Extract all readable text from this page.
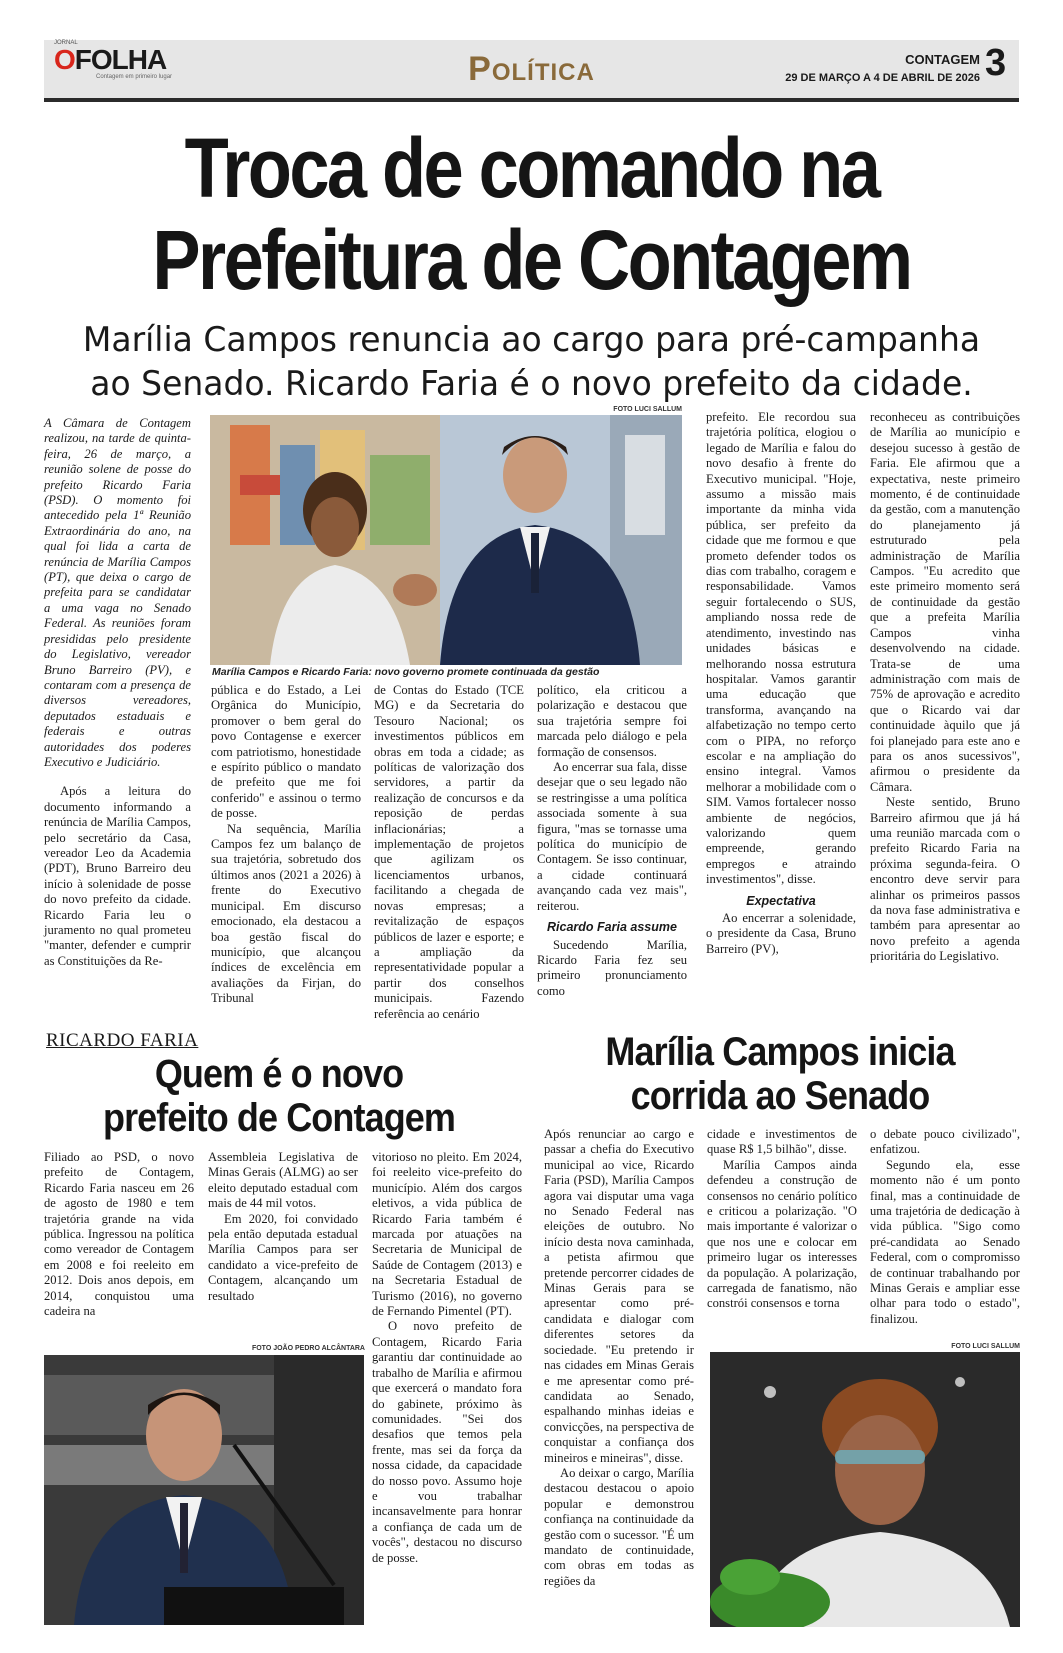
JORNAL
OFOLHA
Contagem em primeiro lugar	Política	CONTAGEM 3
29 DE MARÇO A 4 DE ABRIL DE 2026
Troca de comando na
Prefeitura de Contagem
Marília Campos renuncia ao cargo para pré-campanha
ao Senado. Ricardo Faria é o novo prefeito da cidade.
FOTO LUCI SALLUM
Marília Campos e Ricardo Faria: novo governo promete continuada da gestão

A Câmara de Contagem realizou, na tarde de quinta-feira, 26 de março, a reunião solene de posse do prefeito Ricardo Faria (PSD). O momento foi antecedido pela 1ª Reunião Extraordinária do ano, na qual foi lida a carta de renúncia de Marília Campos (PT), que deixa o cargo de prefeita para se candidatar a uma vaga no Senado Federal. As reuniões foram presididas pelo presidente do Legislativo, vereador Bruno Barreiro (PV), e contaram com a presença de diversos vereadores, deputados estaduais e federais e outras autoridades dos poderes Executivo e Judiciário.

Após a leitura do documento informando a renúncia de Marília Campos, pelo secretário da Casa, vereador Leo da Academia (PDT), Bruno Barreiro deu início à solenidade de posse do novo prefeito da cidade. Ricardo Faria leu o juramento no qual prometeu "manter, defender e cumprir as Constituições da Re-

pública e do Estado, a Lei Orgânica do Município, promover o bem geral do povo Contagense e exercer com patriotismo, honestidade e espírito público o mandato de prefeito que me foi conferido" e assinou o termo de posse.

Na sequência, Marília Campos fez um balanço de sua trajetória, sobretudo dos últimos anos (2021 a 2026) à frente do Executivo municipal. Em discurso emocionado, ela destacou a boa gestão fiscal do município, que alcançou índices de excelência em avaliações da Firjan, do Tribunal

de Contas do Estado (TCE MG) e da Secretaria do Tesouro Nacional; os investimentos públicos em obras em toda a cidade; as políticas de valorização dos servidores, a partir da realização de concursos e da reposição de perdas inflacionárias; a implementação de projetos que agilizam os licenciamentos urbanos, facilitando a chegada de novas empresas; a revitalização de espaços públicos de lazer e esporte; e a ampliação da representatividade popular a partir dos conselhos municipais. Fazendo referência ao cenário

político, ela criticou a polarização e destacou que sua trajetória sempre foi marcada pelo diálogo e pela formação de consensos.

Ao encerrar sua fala, disse desejar que o seu legado não se restringisse a uma política associada somente à sua figura, "mas se tornasse uma política do município de Contagem. Se isso continuar, a cidade continuará avançando cada vez mais", reiterou.

Ricardo Faria assume

Sucedendo Marília, Ricardo Faria fez seu primeiro pronunciamento como

prefeito. Ele recordou sua trajetória política, elogiou o legado de Marília e falou do novo desafio à frente do Executivo municipal. "Hoje, assumo a missão mais importante da minha vida pública, ser prefeito da cidade que me formou e que prometo defender todos os dias com trabalho, coragem e responsabilidade. Vamos seguir fortalecendo o SUS, ampliando nossa rede de atendimento, investindo nas unidades básicas e melhorando nossa estrutura hospitalar. Vamos garantir uma educação que transforma, avançando na alfabetização no tempo certo com o PIPA, no reforço escolar e na ampliação do ensino integral. Vamos melhorar a mobilidade com o SIM. Vamos fortalecer nosso ambiente de negócios, valorizando quem empreende, gerando empregos e atraindo investimentos", disse.

Expectativa

Ao encerrar a solenidade, o presidente da Casa, Bruno Barreiro (PV),

reconheceu as contribuições de Marília ao município e desejou sucesso à gestão de Faria. Ele afirmou que a expectativa, neste primeiro momento, é de continuidade da gestão, com a manutenção do planejamento já estruturado pela administração de Marília Campos. "Eu acredito que este primeiro momento será de continuidade da gestão que a prefeita Marília Campos vinha desenvolvendo na cidade. Trata-se de uma administração com mais de 75% de aprovação e acredito que o Ricardo vai dar continuidade àquilo que já foi planejado para este ano e para os anos sucessivos", afirmou o presidente da Câmara.

Neste sentido, Bruno Barreiro afirmou que já há uma reunião marcada com o prefeito Ricardo Faria na próxima segunda-feira. O encontro deve servir para alinhar os primeiros passos da nova fase administrativa e também para apresentar ao novo prefeito a agenda prioritária do Legislativo.

RICARDO FARIA
Quem é o novo
prefeito de Contagem

Filiado ao PSD, o novo prefeito de Contagem, Ricardo Faria nasceu em 26 de agosto de 1980 e tem trajetória grande na vida pública. Ingressou na política como vereador de Contagem em 2008 e foi reeleito em 2012. Dois anos depois, em 2014, conquistou uma cadeira na

Assembleia Legislativa de Minas Gerais (ALMG) ao ser eleito deputado estadual com mais de 44 mil votos.

Em 2020, foi convidado pela então deputada estadual Marília Campos para ser candidato a vice-prefeito de Contagem, alcançando um resultado

FOTO JOÃO PEDRO ALCÂNTARA

vitorioso no pleito. Em 2024, foi reeleito vice-prefeito do município. Além dos cargos eletivos, a vida pública de Ricardo Faria também é marcada por atuações na Secretaria de Municipal de Saúde de Contagem (2013) e na Secretaria Estadual de Turismo (2016), no governo de Fernando Pimentel (PT).

O novo prefeito de Contagem, Ricardo Faria garantiu dar continuidade ao trabalho de Marília e afirmou que exercerá o mandato fora do gabinete, próximo às comunidades. "Sei dos desafios que temos pela frente, mas sei da força da nossa cidade, da capacidade do nosso povo. Assumo hoje e vou trabalhar incansavelmente para honrar a confiança de cada um de vocês", destacou no discurso de posse.

Marília Campos inicia
corrida ao Senado

Após renunciar ao cargo e passar a chefia do Executivo municipal ao vice, Ricardo Faria (PSD), Marília Campos agora vai disputar uma vaga no Senado Federal nas eleições de outubro. No início desta nova caminhada, a petista afirmou que pretende percorrer cidades de Minas Gerais para se apresentar como pré-candidata e dialogar com diferentes setores da sociedade. "Eu pretendo ir nas cidades em Minas Gerais e me apresentar como pré-candidata ao Senado, espalhando minhas ideias e convicções, na perspectiva de conquistar a confiança dos mineiros e mineiras", disse.

Ao deixar o cargo, Marília destacou destacou o apoio popular e demonstrou confiança na continuidade da gestão com o sucessor. "É um mandato de continuidade, com obras em todas as regiões da

cidade e investimentos de quase R$ 1,5 bilhão", disse.

Marília Campos ainda defendeu a construção de consensos no cenário político e criticou a polarização. "O mais importante é valorizar o que nos une e colocar em primeiro lugar os interesses da população. A polarização, carregada de fanatismo, não constrói consensos e torna

o debate pouco civilizado", enfatizou.

Segundo ela, esse momento não é um ponto final, mas a continuidade de uma trajetória de dedicação à vida pública. "Sigo como pré-candidata ao Senado Federal, com o compromisso de continuar trabalhando por Minas Gerais e ampliar esse olhar para todo o estado", finalizou.

FOTO LUCI SALLUM
